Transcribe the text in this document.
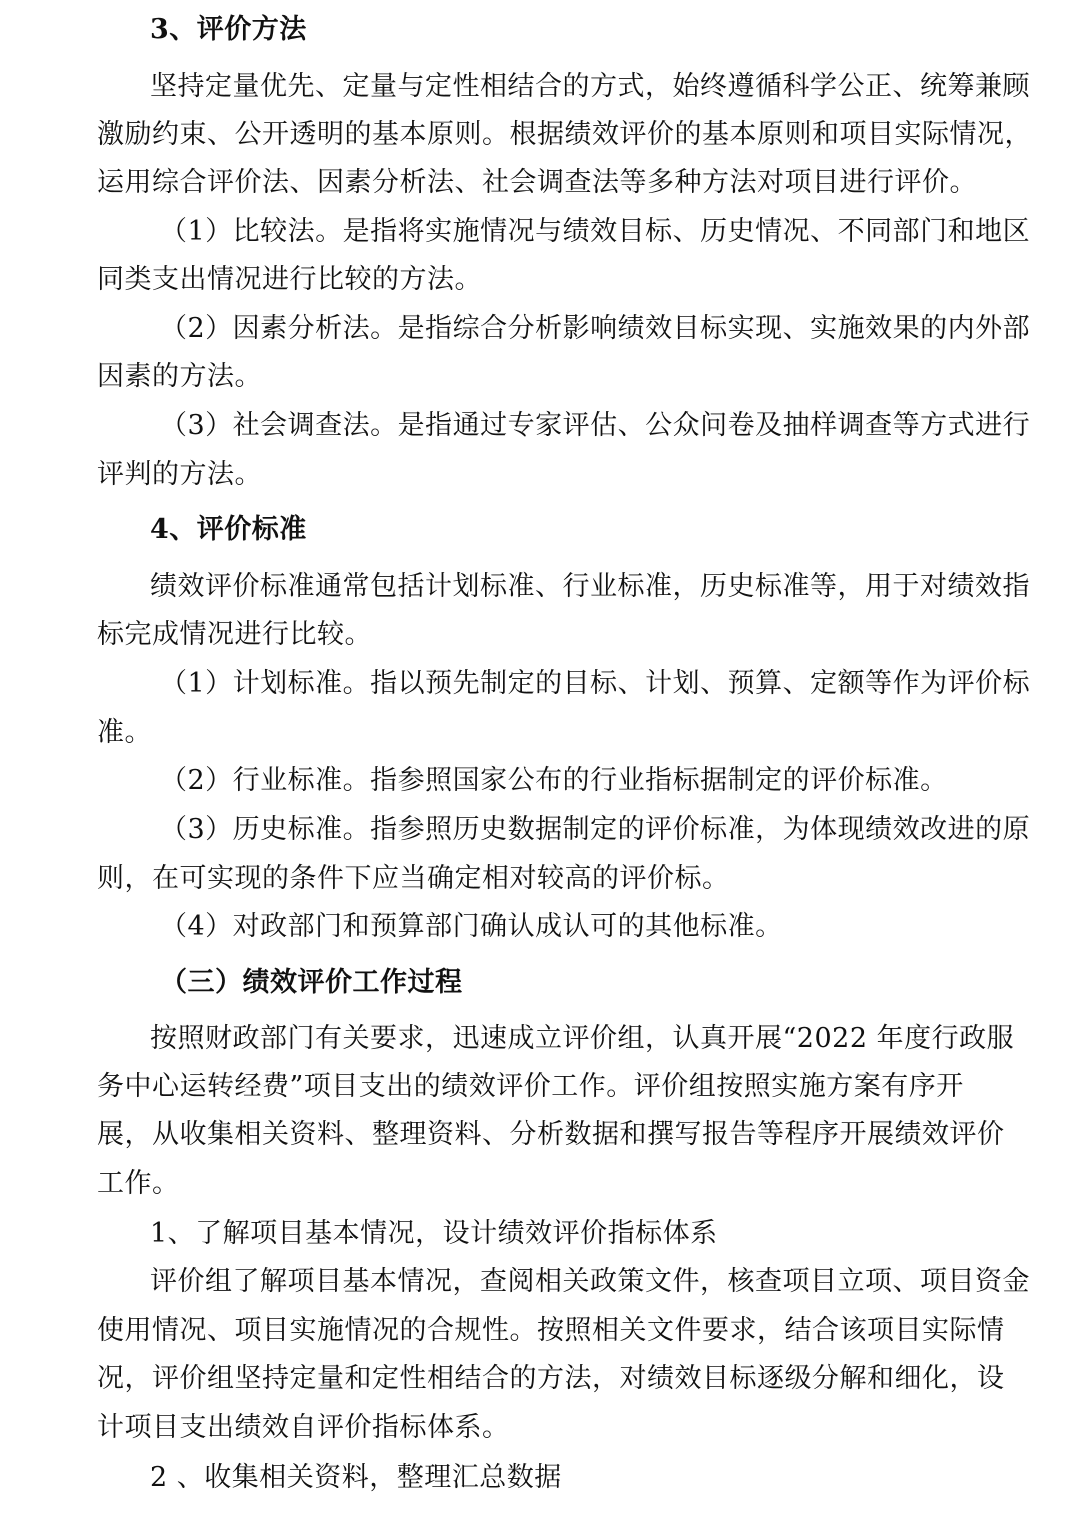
3、评价方法
坚持定量优先、定量与定性相结合的方式，始终遵循科学公正、统筹兼顾
激励约束、公开透明的基本原则。根据绩效评价的基本原则和项目实际情况，
运用综合评价法、因素分析法、社会调查法等多种方法对项目进行评价。
（1）比较法。是指将实施情况与绩效目标、历史情况、不同部门和地区
同类支出情况进行比较的方法。
（2）因素分析法。是指综合分析影响绩效目标实现、实施效果的内外部
因素的方法。
（3）社会调查法。是指通过专家评估、公众问卷及抽样调查等方式进行
评判的方法。
4、评价标准
绩效评价标准通常包括计划标准、行业标准，历史标准等，用于对绩效指
标完成情况进行比较。
（1）计划标准。指以预先制定的目标、计划、预算、定额等作为评价标
准。
（2）行业标准。指参照国家公布的行业指标据制定的评价标准。
（3）历史标准。指参照历史数据制定的评价标准，为体现绩效改进的原
则，在可实现的条件下应当确定相对较高的评价标。
（4）对政部门和预算部门确认成认可的其他标准。
（三）绩效评价工作过程
按照财政部门有关要求，迅速成立评价组，认真开展“2022 年度行政服
务中心运转经费”项目支出的绩效评价工作。评价组按照实施方案有序开
展，从收集相关资料、整理资料、分析数据和撰写报告等程序开展绩效评价
工作。
1、了解项目基本情况，设计绩效评价指标体系
评价组了解项目基本情况，查阅相关政策文件，核查项目立项、项目资金
使用情况、项目实施情况的合规性。按照相关文件要求，结合该项目实际情
况，评价组坚持定量和定性相结合的方法，对绩效目标逐级分解和细化，设
计项目支出绩效自评价指标体系。
2 、收集相关资料，整理汇总数据
